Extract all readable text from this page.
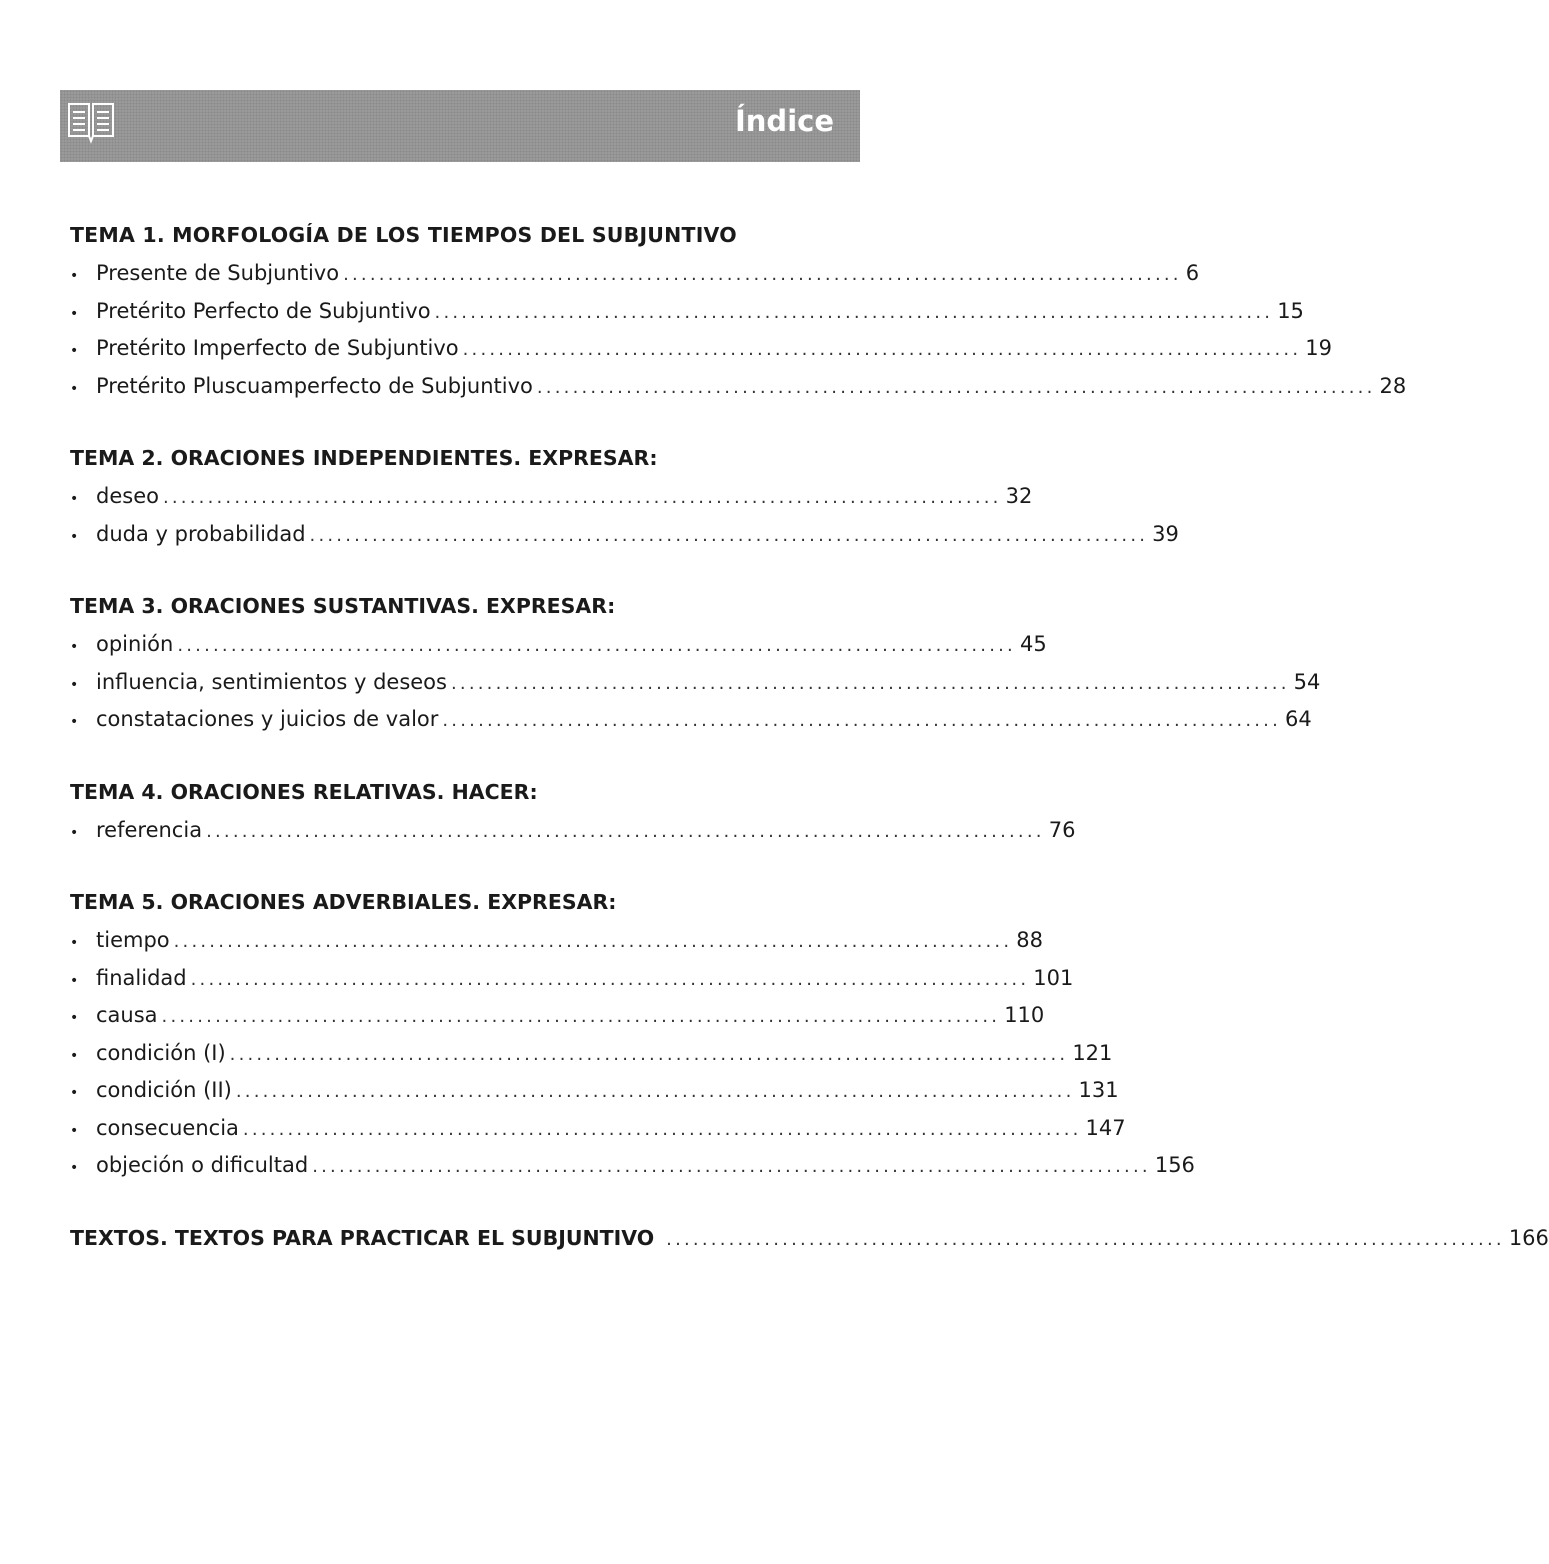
Índice
TEMA 1. MORFOLOGÍA DE LOS TIEMPOS DEL SUBJUNTIVO
• Presente de Subjuntivo .............................................................................................. 6
• Pretérito Perfecto de Subjuntivo .............................................................................................. 15
• Pretérito Imperfecto de Subjuntivo .............................................................................................. 19
• Pretérito Pluscuamperfecto de Subjuntivo .............................................................................................. 28
TEMA 2. ORACIONES INDEPENDIENTES. EXPRESAR:
• deseo .............................................................................................. 32
• duda y probabilidad .............................................................................................. 39
TEMA 3. ORACIONES SUSTANTIVAS. EXPRESAR:
• opinión .............................................................................................. 45
• influencia, sentimientos y deseos .............................................................................................. 54
• constataciones y juicios de valor .............................................................................................. 64
TEMA 4. ORACIONES RELATIVAS. HACER:
• referencia .............................................................................................. 76
TEMA 5. ORACIONES ADVERBIALES. EXPRESAR:
• tiempo .............................................................................................. 88
• finalidad .............................................................................................. 101
• causa .............................................................................................. 110
• condición (I) .............................................................................................. 121
• condición (II) .............................................................................................. 131
• consecuencia .............................................................................................. 147
• objeción o dificultad .............................................................................................. 156
TEXTOS. TEXTOS PARA PRACTICAR EL SUBJUNTIVO .............................................................................................. 166
